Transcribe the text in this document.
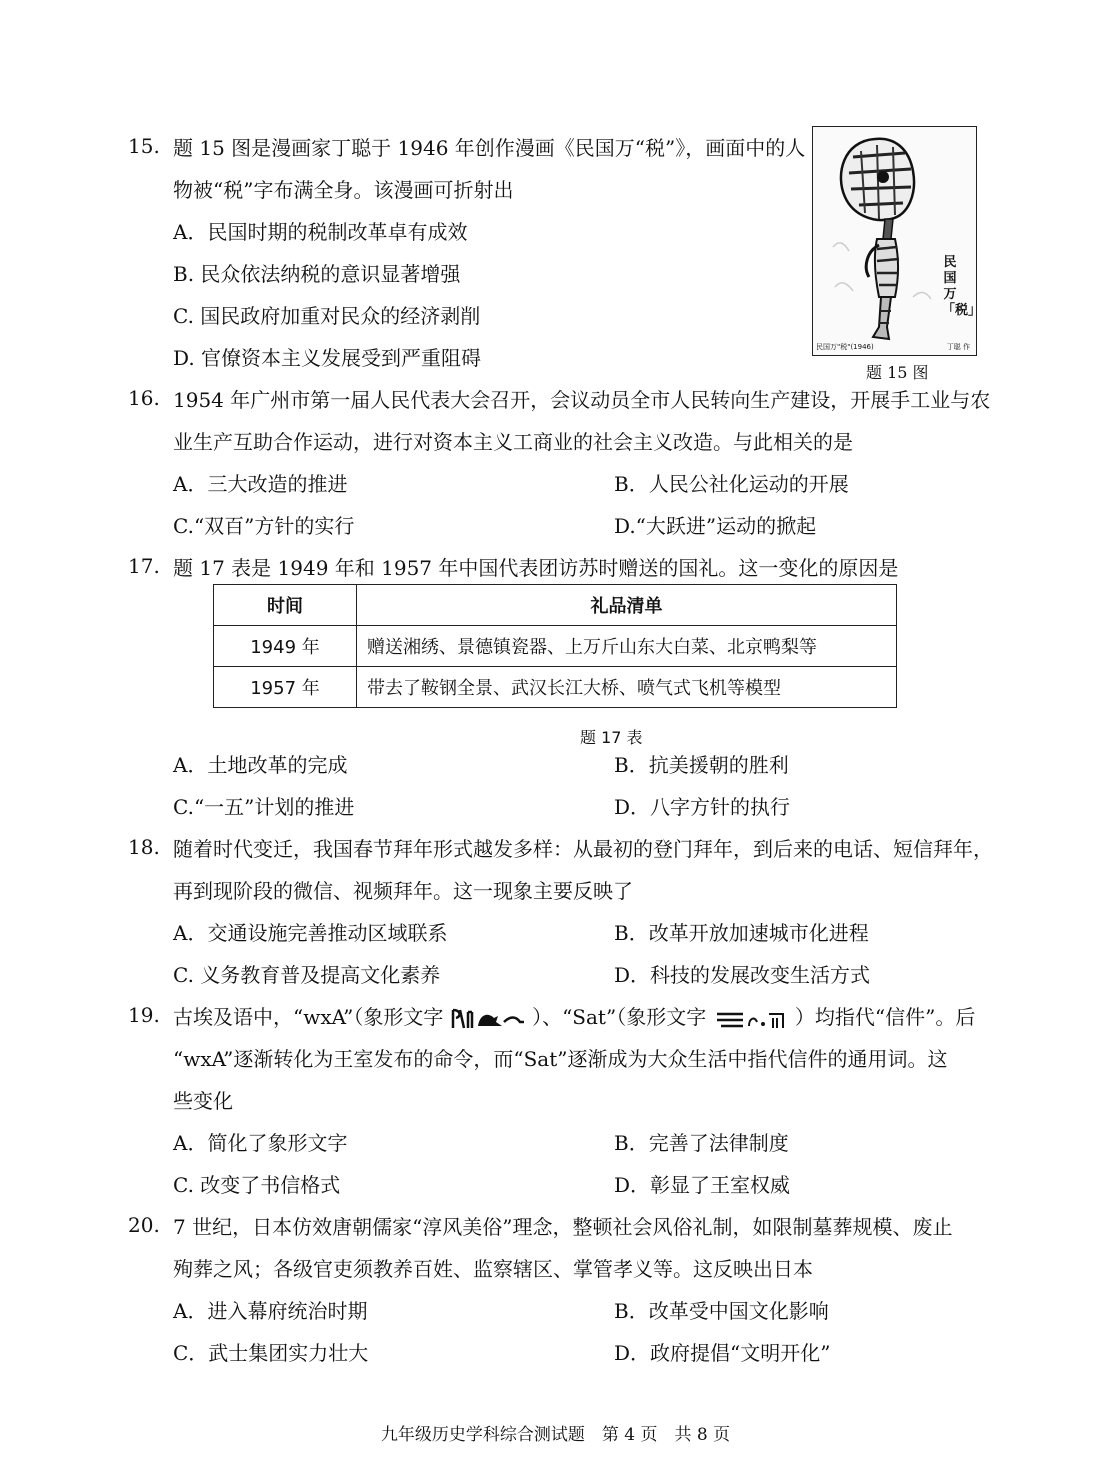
15. 题 15 图是漫画家丁聪于 1946 年创作漫画《民国万“税”》，画面中的人
物被“税”字布满全身。该漫画可折射出
A．民国时期的税制改革卓有成效
B. 民众依法纳税的意识显著增强
C. 国民政府加重对民众的经济剥削
D. 官僚资本主义发展受到严重阻碍
民国万「税」
民国万"税"(1946)	丁聪 作
题 15 图
16. 1954 年广州市第一届人民代表大会召开，会议动员全市人民转向生产建设，开展手工业与农
业生产互助合作运动，进行对资本主义工商业的社会主义改造。与此相关的是
A．三大改造的推进	B．人民公社化运动的开展
C.“双百”方针的实行	D.“大跃进”运动的掀起
17. 题 17 表是 1949 年和 1957 年中国代表团访苏时赠送的国礼。这一变化的原因是
时间	礼品清单
1949 年	赠送湘绣、景德镇瓷器、上万斤山东大白菜、北京鸭梨等
1957 年	带去了鞍钢全景、武汉长江大桥、喷气式飞机等模型
题 17 表
A．土地改革的完成	B．抗美援朝的胜利
C.“一五”计划的推进	D．八字方针的执行
18. 随着时代变迁，我国春节拜年形式越发多样：从最初的登门拜年，到后来的电话、短信拜年，
再到现阶段的微信、视频拜年。这一现象主要反映了
A．交通设施完善推动区域联系	B．改革开放加速城市化进程
C. 义务教育普及提高文化素养	D．科技的发展改变生活方式
19. 古埃及语中，“wxA”（象形文字	）、“Sat”（象形文字	）均指代“信件”。后
“wxA”逐渐转化为王室发布的命令，而“Sat”逐渐成为大众生活中指代信件的通用词。这
些变化
A．简化了象形文字	B．完善了法律制度
C. 改变了书信格式	D．彰显了王室权威
20. 7 世纪，日本仿效唐朝儒家“淳风美俗”理念，整顿社会风俗礼制，如限制墓葬规模、废止
殉葬之风；各级官吏须教养百姓、监察辖区、掌管孝义等。这反映出日本
A．进入幕府统治时期	B．改革受中国文化影响
C．武士集团实力壮大	D．政府提倡“文明开化”
九年级历史学科综合测试题　第 4 页　共 8 页
